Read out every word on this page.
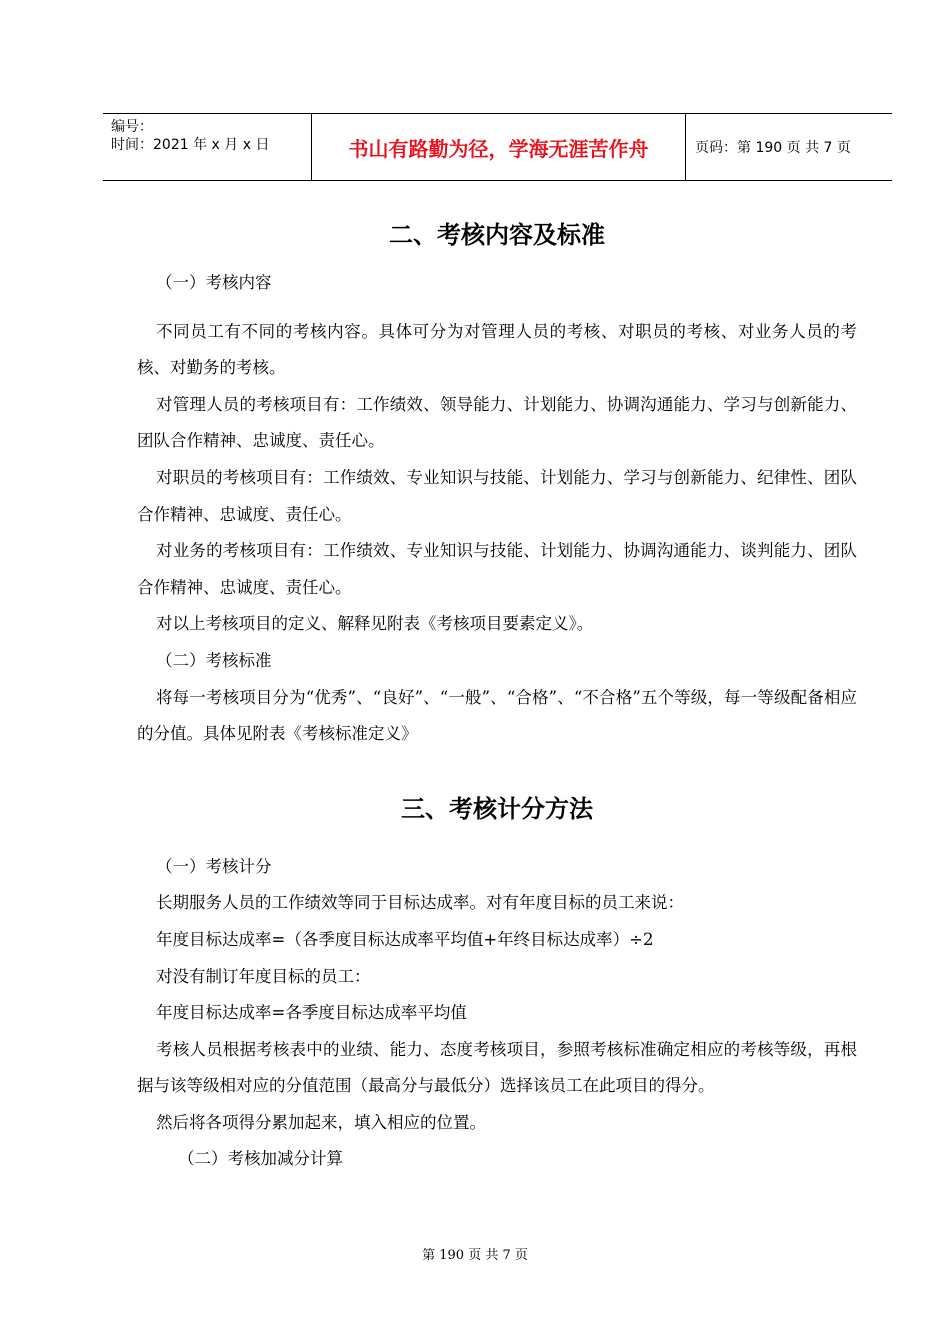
编号：
时间：2021 年 x 月 x 日	书山有路勤为径，学海无涯苦作舟	页码：第 190 页 共 7 页
二、考核内容及标准

（一）考核内容

不同员工有不同的考核内容。具体可分为对管理人员的考核、对职员的考核、对业务人员的考核、对勤务的考核。

对管理人员的考核项目有：工作绩效、领导能力、计划能力、协调沟通能力、学习与创新能力、团队合作精神、忠诚度、责任心。

对职员的考核项目有：工作绩效、专业知识与技能、计划能力、学习与创新能力、纪律性、团队合作精神、忠诚度、责任心。

对业务的考核项目有：工作绩效、专业知识与技能、计划能力、协调沟通能力、谈判能力、团队合作精神、忠诚度、责任心。

对以上考核项目的定义、解释见附表《考核项目要素定义》。

（二）考核标准

将每一考核项目分为“优秀”、“良好”、“一般”、“合格”、“不合格”五个等级，每一等级配备相应的分值。具体见附表《考核标准定义》

三、考核计分方法

（一）考核计分

长期服务人员的工作绩效等同于目标达成率。对有年度目标的员工来说：

年度目标达成率=（各季度目标达成率平均值+年终目标达成率）÷2

对没有制订年度目标的员工：

年度目标达成率=各季度目标达成率平均值

考核人员根据考核表中的业绩、能力、态度考核项目，参照考核标准确定相应的考核等级，再根据与该等级相对应的分值范围（最高分与最低分）选择该员工在此项目的得分。

然后将各项得分累加起来，填入相应的位置。

（二）考核加减分计算

第 190 页 共 7 页
